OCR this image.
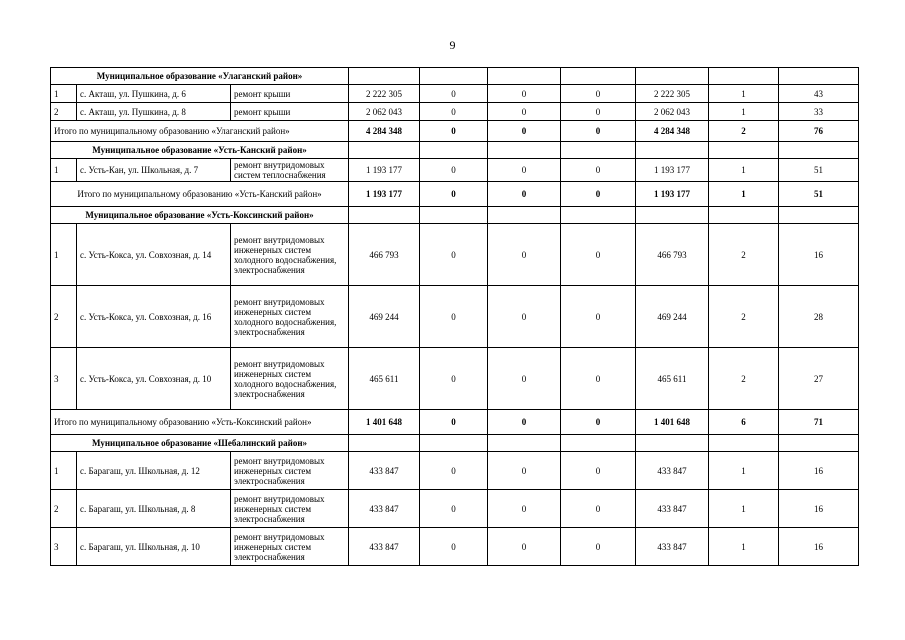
9
Муниципальное образование «Улаганский район»									
1	с. Акташ, ул. Пушкина, д. 6	ремонт крыши	2 222 305	0	0	0	2 222 305	1	43
2	с. Акташ, ул. Пушкина, д. 8	ремонт крыши	2 062 043	0	0	0	2 062 043	1	33
Итого по муниципальному образованию «Улаганский район»			4 284 348	0	0	0	4 284 348	2	76
Муниципальное образование «Усть-Канский район»									
1	с. Усть-Кан, ул. Школьная, д. 7	ремонт внутридомовых систем теплоснабжения	1 193 177	0	0	0	1 193 177	1	51
Итого по муниципальному образованию «Усть-Канский район»			1 193 177	0	0	0	1 193 177	1	51
Муниципальное образование «Усть-Коксинский район»									
1	с. Усть-Кокса, ул. Совхозная, д. 14	ремонт внутридомовых инженерных систем холодного водоснабжения, электроснабжения	466 793	0	0	0	466 793	2	16
2	с. Усть-Кокса, ул. Совхозная, д. 16	ремонт внутридомовых инженерных систем холодного водоснабжения, электроснабжения	469 244	0	0	0	469 244	2	28
3	с. Усть-Кокса, ул. Совхозная, д. 10	ремонт внутридомовых инженерных систем холодного водоснабжения, электроснабжения	465 611	0	0	0	465 611	2	27
Итого по муниципальному образованию «Усть-Коксинский район»			1 401 648	0	0	0	1 401 648	6	71
Муниципальное образование «Шебалинский район»									
1	с. Барагаш, ул. Школьная, д. 12	ремонт внутридомовых инженерных систем электроснабжения	433 847	0	0	0	433 847	1	16
2	с. Барагаш, ул. Школьная, д. 8	ремонт внутридомовых инженерных систем электроснабжения	433 847	0	0	0	433 847	1	16
3	с. Барагаш, ул. Школьная, д. 10	ремонт внутридомовых инженерных систем электроснабжения	433 847	0	0	0	433 847	1	16
